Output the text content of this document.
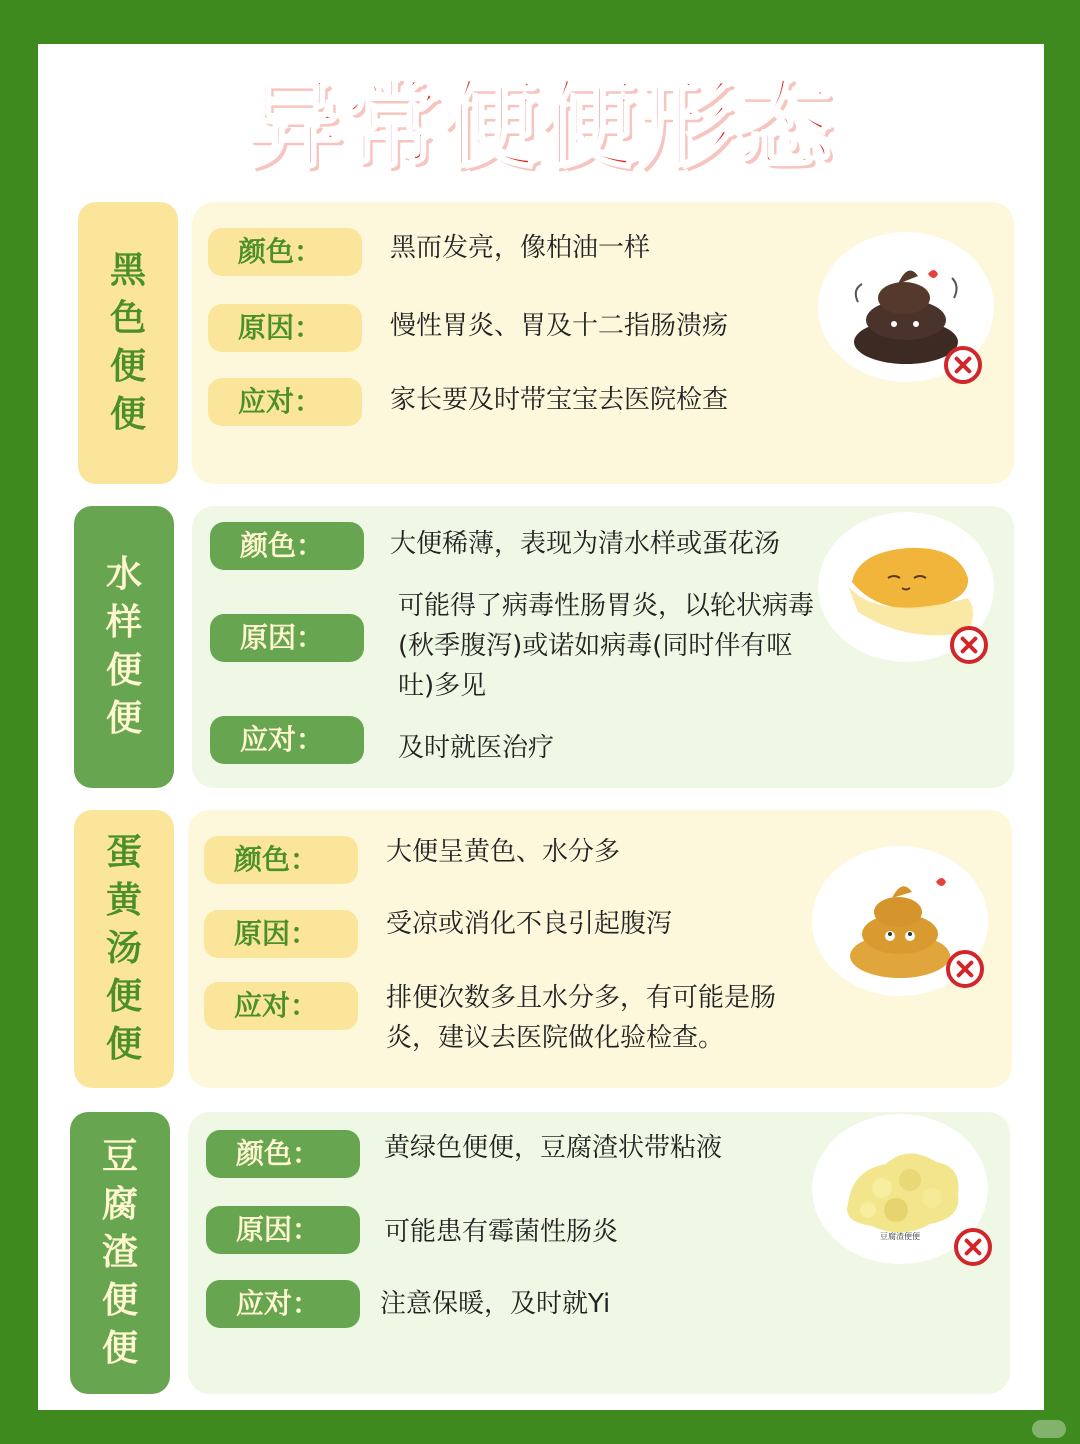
异常便便形态
黑
色
便
便
颜色：	黑而发亮，像柏油一样
原因：	慢性胃炎、胃及十二指肠溃疡
应对：	家长要及时带宝宝去医院检查
水
样
便
便
颜色：	大便稀薄，表现为清水样或蛋花汤
原因：
可能得了病毒性肠胃炎，以轮状病毒(秋季腹泻)或诺如病毒(同时伴有呕吐)多见
应对：	及时就医治疗
蛋
黄
汤
便
便
颜色：	大便呈黄色、水分多
原因：	受凉或消化不良引起腹泻
应对：	排便次数多且水分多，有可能是肠炎，建议去医院做化验检查。
豆
腐
渣
便
便
颜色：	黄绿色便便，豆腐渣状带粘液
原因：	可能患有霉菌性肠炎
应对：	注意保暖，及时就Yi
豆腐渣便便
